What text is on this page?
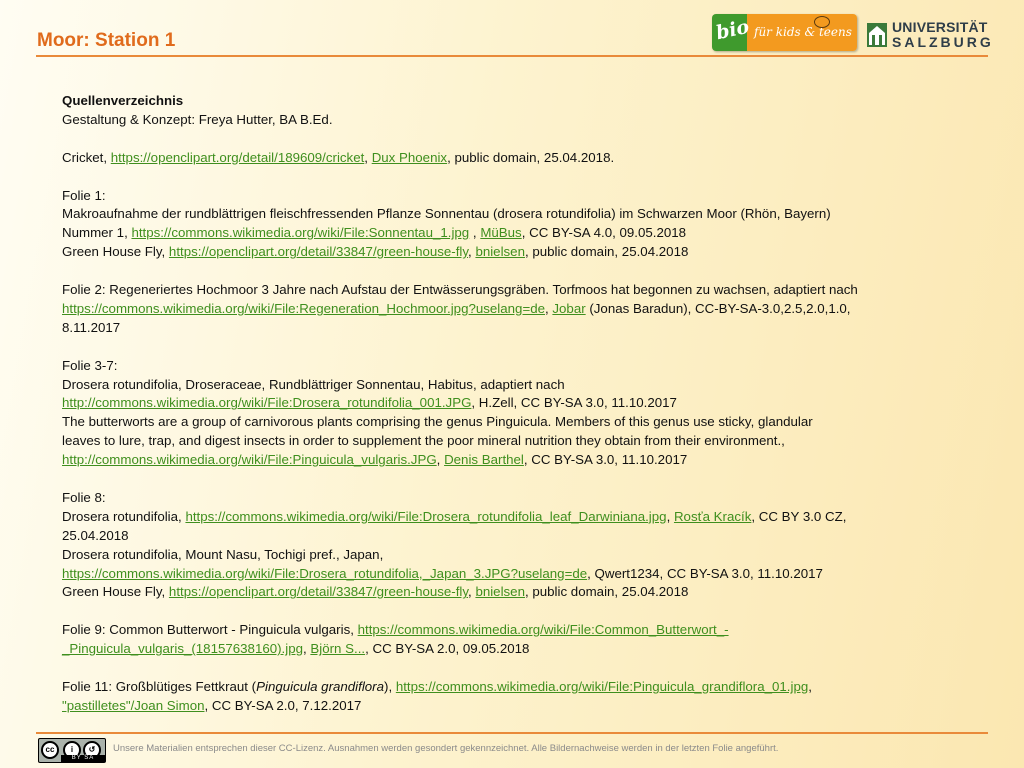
Moor: Station 1	bio für kids & teens	UNIVERSITÄT
SALZBURG
Quellenverzeichnis

Gestaltung & Konzept: Freya Hutter, BA B.Ed.

Cricket, https://openclipart.org/detail/189609/cricket, Dux Phoenix, public domain, 25.04.2018.

Folie 1:
Makroaufnahme der rundblättrigen fleischfressenden Pflanze Sonnentau (drosera rotundifolia) im Schwarzen Moor (Rhön, Bayern)
Nummer 1, https://commons.wikimedia.org/wiki/File:Sonnentau_1.jpg , MüBus, CC BY-SA 4.0, 09.05.2018
Green House Fly, https://openclipart.org/detail/33847/green-house-fly, bnielsen, public domain, 25.04.2018

Folie 2: Regeneriertes Hochmoor 3 Jahre nach Aufstau der Entwässerungsgräben. Torfmoos hat begonnen zu wachsen, adaptiert nach
https://commons.wikimedia.org/wiki/File:Regeneration_Hochmoor.jpg?uselang=de, Jobar (Jonas Baradun), CC-BY-SA-3.0,2.5,2.0,1.0,
8.11.2017

Folie 3-7:
Drosera rotundifolia, Droseraceae, Rundblättriger Sonnentau, Habitus, adaptiert nach
http://commons.wikimedia.org/wiki/File:Drosera_rotundifolia_001.JPG, H.Zell, CC BY-SA 3.0, 11.10.2017
The butterworts are a group of carnivorous plants comprising the genus Pinguicula. Members of this genus use sticky, glandular
leaves to lure, trap, and digest insects in order to supplement the poor mineral nutrition they obtain from their environment.,
http://commons.wikimedia.org/wiki/File:Pinguicula_vulgaris.JPG, Denis Barthel, CC BY-SA 3.0, 11.10.2017

Folie 8:
Drosera rotundifolia, https://commons.wikimedia.org/wiki/File:Drosera_rotundifolia_leaf_Darwiniana.jpg, Rosťa Kracík, CC BY 3.0 CZ,
25.04.2018
Drosera rotundifolia, Mount Nasu, Tochigi pref., Japan,
https://commons.wikimedia.org/wiki/File:Drosera_rotundifolia,_Japan_3.JPG?uselang=de, Qwert1234, CC BY-SA 3.0, 11.10.2017
Green House Fly, https://openclipart.org/detail/33847/green-house-fly, bnielsen, public domain, 25.04.2018

Folie 9: Common Butterwort - Pinguicula vulgaris, https://commons.wikimedia.org/wiki/File:Common_Butterwort_-
_Pinguicula_vulgaris_(18157638160).jpg, Björn S..., CC BY-SA 2.0, 09.05.2018

Folie 11: Großblütiges Fettkraut (Pinguicula grandiflora), https://commons.wikimedia.org/wiki/File:Pinguicula_grandiflora_01.jpg,
"pastilletes"/Joan Simon, CC BY-SA 2.0, 7.12.2017

cc	i	↺
BY SA
Unsere Materialien entsprechen dieser CC-Lizenz. Ausnahmen werden gesondert gekennzeichnet. Alle Bildernachweise werden in der letzten Folie angeführt.
